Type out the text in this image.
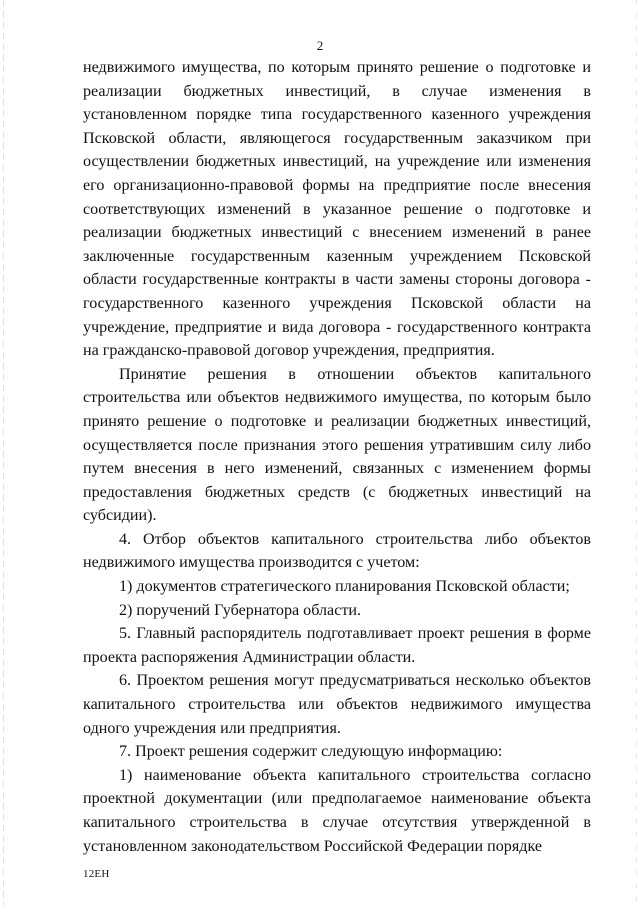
2

недвижимого имущества, по которым принято решение о подготовке и реализации бюджетных инвестиций, в случае изменения в установленном порядке типа государственного казенного учреждения Псковской области, являющегося государственным заказчиком при осуществлении бюджетных инвестиций, на учреждение или изменения его организационно-правовой формы на предприятие после внесения соответствующих изменений в указанное решение о подготовке и реализации бюджетных инвестиций с внесением изменений в ранее заключенные государственным казенным учреждением Псковской области государственные контракты в части замены стороны договора - государственного казенного учреждения Псковской области на учреждение, предприятие и вида договора - государственного контракта на гражданско-правовой договор учреждения, предприятия.

Принятие решения в отношении объектов капитального строительства или объектов недвижимого имущества, по которым было принято решение о подготовке и реализации бюджетных инвестиций, осуществляется после признания этого решения утратившим силу либо путем внесения в него изменений, связанных с изменением формы предоставления бюджетных средств (с бюджетных инвестиций на субсидии).

4. Отбор объектов капитального строительства либо объектов недвижимого имущества производится с учетом:

1) документов стратегического планирования Псковской области;

2) поручений Губернатора области.

5. Главный распорядитель подготавливает проект решения в форме проекта распоряжения Администрации области.

6. Проектом решения могут предусматриваться несколько объектов капитального строительства или объектов недвижимого имущества одного учреждения или предприятия.

7. Проект решения содержит следующую информацию:

1) наименование объекта капитального строительства согласно проектной документации (или предполагаемое наименование объекта капитального строительства в случае отсутствия утвержденной в установленном законодательством Российской Федерации порядке

12ЕН
